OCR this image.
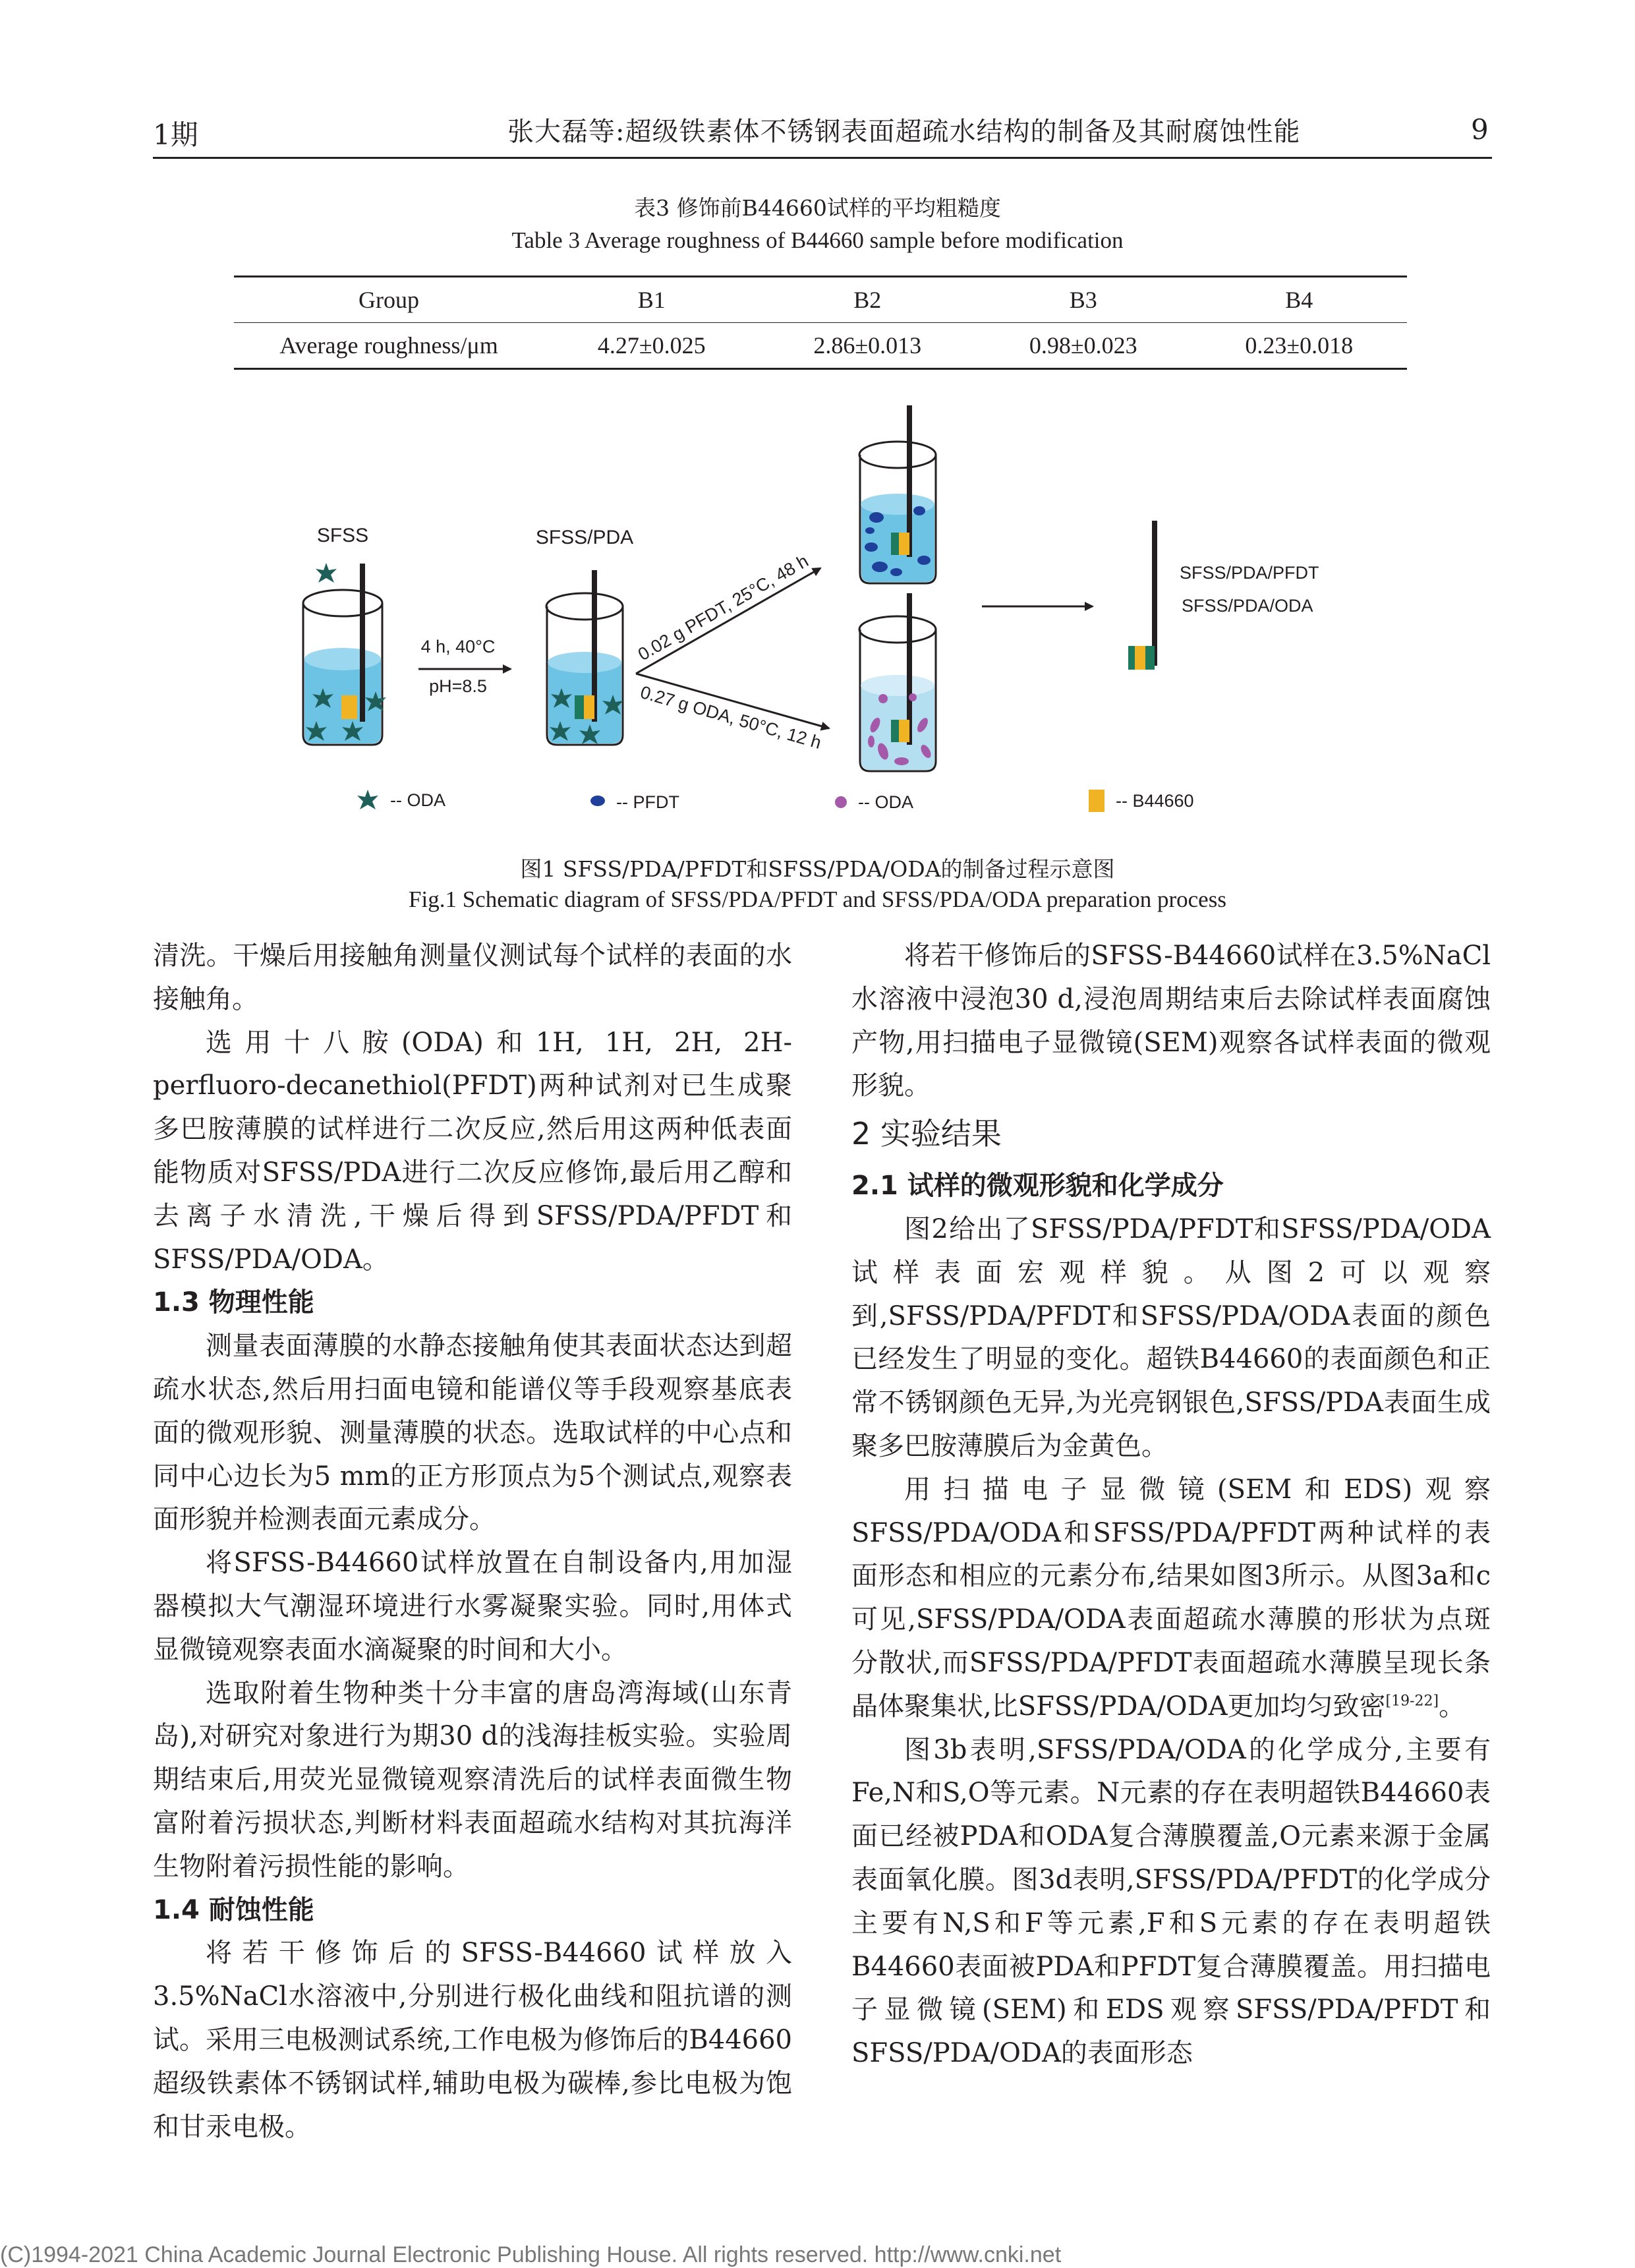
1期	张大磊等:超级铁素体不锈钢表面超疏水结构的制备及其耐腐蚀性能	9
表3 修饰前B44660试样的平均粗糙度
Table 3 Average roughness of B44660 sample before modification
Group	B1	B2	B3	B4
Average roughness/μm	4.27±0.025	2.86±0.013	0.98±0.023	0.23±0.018
SFSS
4 h, 40°C
pH=8.5
SFSS/PDA
0.02 g PFDT, 25°C, 48 h
0.27 g ODA, 50°C, 12 h
SFSS/PDA/PFDT
SFSS/PDA/ODA
-- ODA	-- PFDT	-- ODA	-- B44660
图1 SFSS/PDA/PFDT和SFSS/PDA/ODA的制备过程示意图
Fig.1 Schematic diagram of SFSS/PDA/PFDT and SFSS/PDA/ODA preparation process

清洗。干燥后用接触角测量仪测试每个试样的表面的水接触角。

选用十八胺(ODA)和1H, 1H, 2H, 2H-perfluoro-decanethiol(PFDT)两种试剂对已生成聚多巴胺薄膜的试样进行二次反应,然后用这两种低表面能物质对SFSS/PDA进行二次反应修饰,最后用乙醇和去离子水清洗,干燥后得到SFSS/PDA/PFDT和SFSS/PDA/ODA。

1.3 物理性能

测量表面薄膜的水静态接触角使其表面状态达到超疏水状态,然后用扫面电镜和能谱仪等手段观察基底表面的微观形貌、测量薄膜的状态。选取试样的中心点和同中心边长为5 mm的正方形顶点为5个测试点,观察表面形貌并检测表面元素成分。

将SFSS-B44660试样放置在自制设备内,用加湿器模拟大气潮湿环境进行水雾凝聚实验。同时,用体式显微镜观察表面水滴凝聚的时间和大小。

选取附着生物种类十分丰富的唐岛湾海域(山东青岛),对研究对象进行为期30 d的浅海挂板实验。实验周期结束后,用荧光显微镜观察清洗后的试样表面微生物富附着污损状态,判断材料表面超疏水结构对其抗海洋生物附着污损性能的影响。

1.4 耐蚀性能

将若干修饰后的SFSS-B44660试样放入3.5%NaCl水溶液中,分别进行极化曲线和阻抗谱的测试。采用三电极测试系统,工作电极为修饰后的B44660超级铁素体不锈钢试样,辅助电极为碳棒,参比电极为饱和甘汞电极。

将若干修饰后的SFSS-B44660试样在3.5%NaCl水溶液中浸泡30 d,浸泡周期结束后去除试样表面腐蚀产物,用扫描电子显微镜(SEM)观察各试样表面的微观形貌。

2 实验结果
2.1 试样的微观形貌和化学成分

图2给出了SFSS/PDA/PFDT和SFSS/PDA/ODA试样表面宏观样貌。从图2可以观察到,SFSS/PDA/PFDT和SFSS/PDA/ODA表面的颜色已经发生了明显的变化。超铁B44660的表面颜色和正常不锈钢颜色无异,为光亮钢银色,SFSS/PDA表面生成聚多巴胺薄膜后为金黄色。

用扫描电子显微镜(SEM和EDS)观察SFSS/PDA/ODA和SFSS/PDA/PFDT两种试样的表面形态和相应的元素分布,结果如图3所示。从图3a和c可见,SFSS/PDA/ODA表面超疏水薄膜的形状为点斑分散状,而SFSS/PDA/PFDT表面超疏水薄膜呈现长条晶体聚集状,比SFSS/PDA/ODA更加均匀致密[19-22]。

图3b表明,SFSS/PDA/ODA的化学成分,主要有Fe,N和S,O等元素。N元素的存在表明超铁B44660表面已经被PDA和ODA复合薄膜覆盖,O元素来源于金属表面氧化膜。图3d表明,SFSS/PDA/PFDT的化学成分主要有N,S和F等元素,F和S元素的存在表明超铁B44660表面被PDA和PFDT复合薄膜覆盖。用扫描电子显微镜(SEM)和EDS观察SFSS/PDA/PFDT和SFSS/PDA/ODA的表面形态

(C)1994-2021 China Academic Journal Electronic Publishing House. All rights reserved. http://www.cnki.net
